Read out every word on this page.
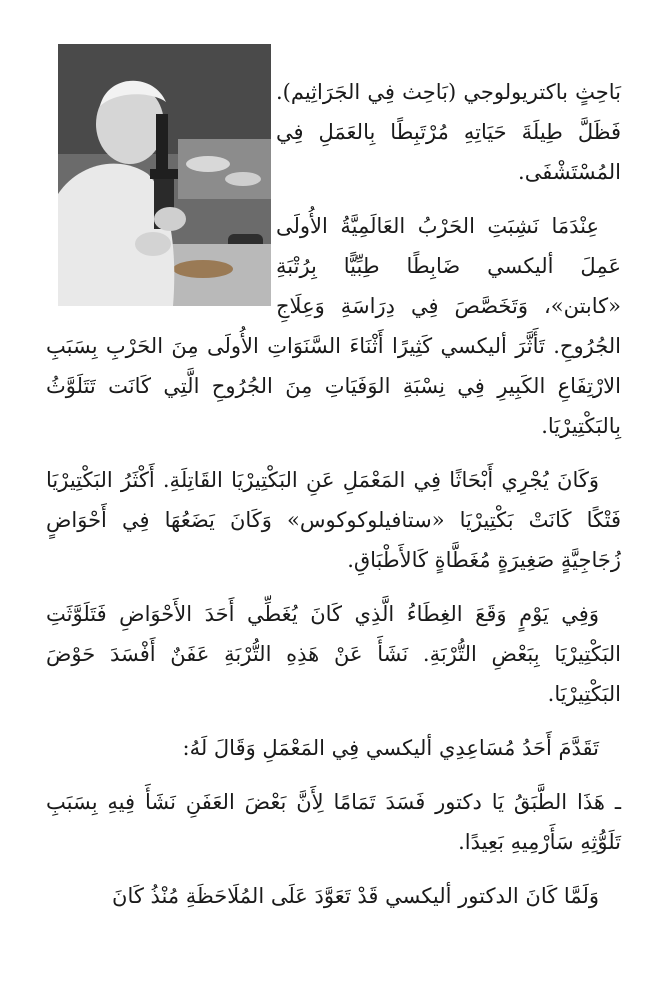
بَاحِثٍ باكتريولوجي (بَاحِث فِي الجَرَاثِيم). فَظَلَّ طِيلَةَ حَيَاتِهِ مُرْتَبِطًا بِالعَمَلِ فِي المُسْتَشْفَى.

عِنْدَمَا نَشِبَتِ الحَرْبُ العَالَمِيَّةُ الأُولَى عَمِلَ أليكسي ضَابِطًا طِبِّيًّا بِرُتْبَةِ «كابتن»، وَتَخَصَّصَ فِي دِرَاسَةِ وَعِلَاجِ الجُرُوحِ. تَأَثَّرَ أليكسي كَثِيرًا أَثْنَاءَ السَّنَوَاتِ الأُولَى مِنَ الحَرْبِ بِسَبَبِ الارْتِفَاعِ الكَبِيرِ فِي نِسْبَةِ الوَفَيَاتِ مِنَ الجُرُوحِ الَّتِي كَانَت تَتَلَوَّثُ بِالبَكْتِيرْيَا.

وَكَانَ يُجْرِي أَبْحَاثًا فِي المَعْمَلِ عَنِ البَكْتِيرْيَا القَاتِلَةِ. أَكْثَرُ البَكْتِيرْيَا فَتْكًا كَانَتْ بَكْتِيرْيَا «ستافيلوكوكوس» وَكَانَ يَضَعُهَا فِي أَحْوَاضٍ زُجَاجِيَّةٍ صَغِيرَةٍ مُغَطَّاةٍ كَالأَطْبَاقِ.

وَفِي يَوْمٍ وَقَعَ الغِطَاءُ الَّذِي كَانَ يُغَطِّي أَحَدَ الأَحْوَاضِ فَتَلَوَّثَتِ البَكْتِيرْيَا بِبَعْضِ التُّرْبَةِ. نَشَأَ عَنْ هَذِهِ التُّرْبَةِ عَفَنٌ أَفْسَدَ حَوْضَ البَكْتِيرْيَا.

تَقَدَّمَ أَحَدُ مُسَاعِدِي أليكسي فِي المَعْمَلِ وَقَالَ لَهُ:

ـ هَذَا الطَّبَقُ يَا دكتور فَسَدَ تَمَامًا لِأَنَّ بَعْضَ العَفَنِ نَشَأَ فِيهِ بِسَبَبِ تَلَوُّثِهِ سَأَرْمِيهِ بَعِيدًا.

وَلَمَّا كَانَ الدكتور أليكسي قَدْ تَعَوَّدَ عَلَى المُلَاحَظَةِ مُنْذُ كَانَ
